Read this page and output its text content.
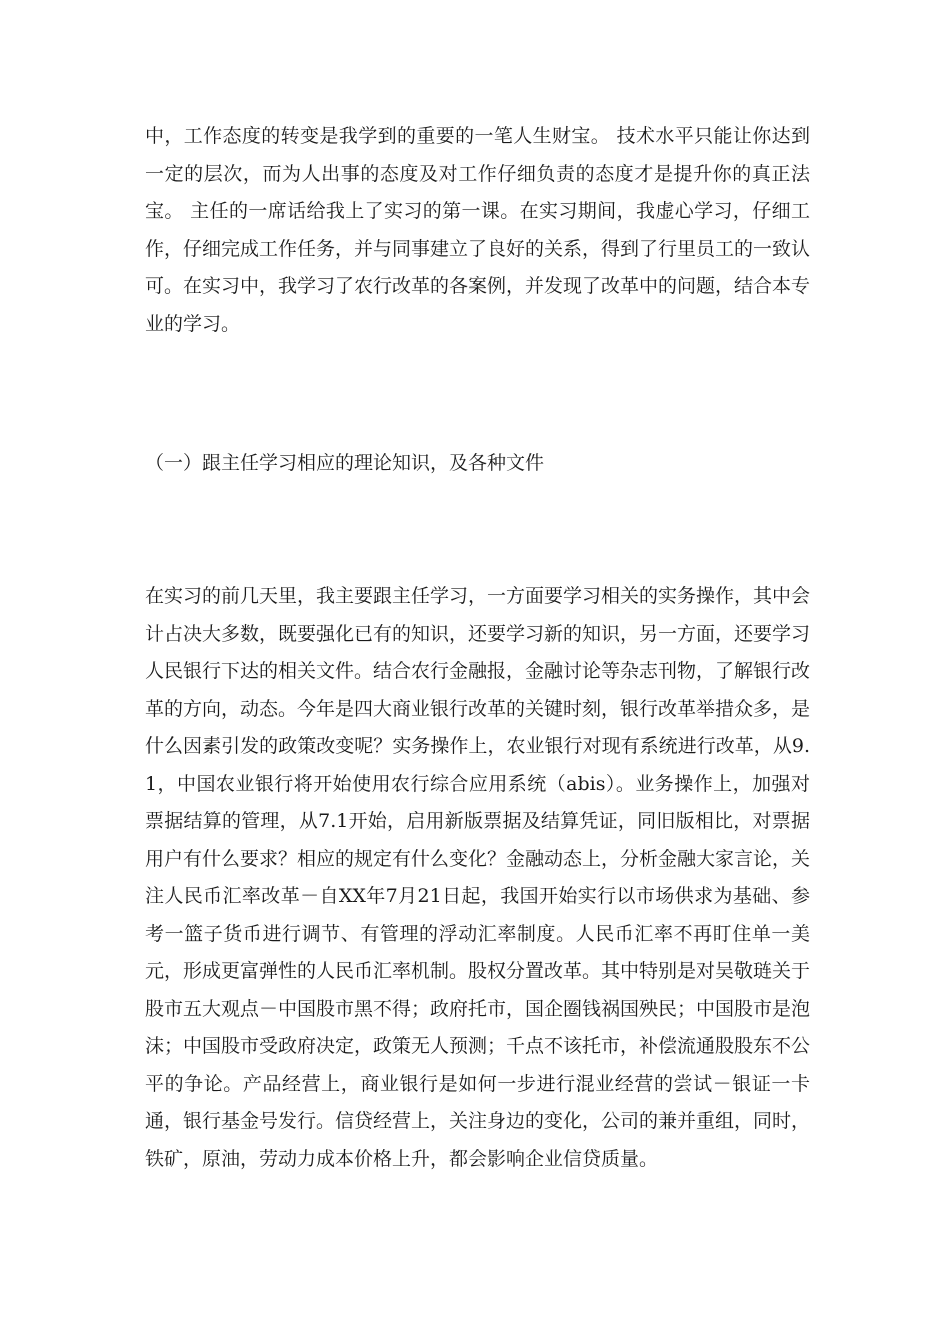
中，工作态度的转变是我学到的重要的一笔人生财宝。 技术水平只能让你达到一定的层次，而为人出事的态度及对工作仔细负责的态度才是提升你的真正法宝。 主任的一席话给我上了实习的第一课。在实习期间，我虚心学习，仔细工作，仔细完成工作任务，并与同事建立了良好的关系，得到了行里员工的一致认可。在实习中，我学习了农行改革的各案例，并发现了改革中的问题，结合本专业的学习。

（一）跟主任学习相应的理论知识，及各种文件

在实习的前几天里，我主要跟主任学习，一方面要学习相关的实务操作，其中会计占决大多数，既要强化已有的知识，还要学习新的知识，另一方面，还要学习人民银行下达的相关文件。结合农行金融报，金融讨论等杂志刊物，了解银行改革的方向，动态。今年是四大商业银行改革的关键时刻，银行改革举措众多，是什么因素引发的政策改变呢？实务操作上，农业银行对现有系统进行改革，从9.1，中国农业银行将开始使用农行综合应用系统（abis）。业务操作上，加强对票据结算的管理，从7.1开始，启用新版票据及结算凭证，同旧版相比，对票据用户有什么要求？相应的规定有什么变化？金融动态上，分析金融大家言论，关注人民币汇率改革－自XX年7月21日起，我国开始实行以市场供求为基础、参考一篮子货币进行调节、有管理的浮动汇率制度。人民币汇率不再盯住单一美元，形成更富弹性的人民币汇率机制。股权分置改革。其中特别是对吴敬琏关于股市五大观点－中国股市黑不得；政府托市，国企圈钱祸国殃民；中国股市是泡沫；中国股市受政府决定，政策无人预测；千点不该托市，补偿流通股股东不公平的争论。产品经营上，商业银行是如何一步进行混业经营的尝试－银证一卡通，银行基金号发行。信贷经营上，关注身边的变化，公司的兼并重组，同时，铁矿，原油，劳动力成本价格上升，都会影响企业信贷质量。
